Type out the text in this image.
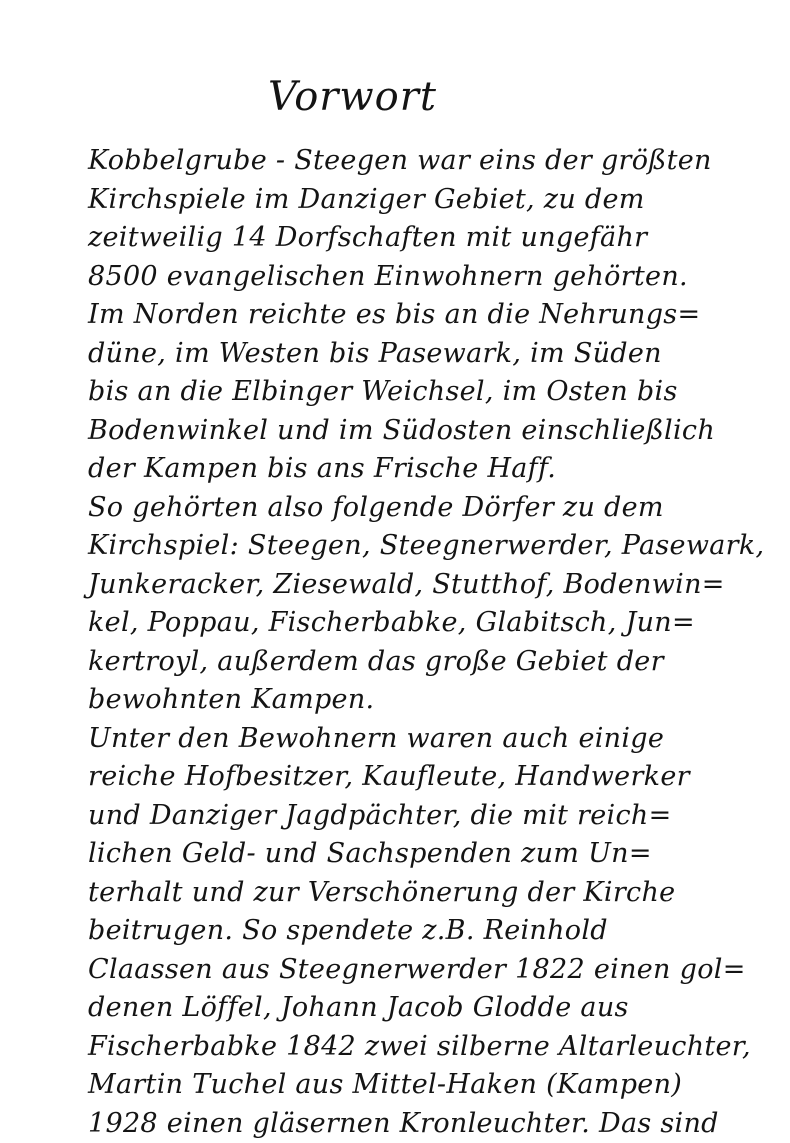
Vorwort
Kobbelgrube - Steegen war eins der größten
Kirchspiele im Danziger Gebiet, zu dem
zeitweilig 14 Dorfschaften mit ungefähr
8500 evangelischen Einwohnern gehörten.
Im Norden reichte es bis an die Nehrungs=
düne, im Westen bis Pasewark, im Süden
bis an die Elbinger Weichsel, im Osten bis
Bodenwinkel und im Südosten einschließlich
der Kampen bis ans Frische Haff.
So gehörten also folgende Dörfer zu dem
Kirchspiel: Steegen, Steegnerwerder, Pasewark,
Junkeracker, Ziesewald, Stutthof, Bodenwin=
kel, Poppau, Fischerbabke, Glabitsch, Jun=
kertroyl, außerdem das große Gebiet der
bewohnten Kampen.
Unter den Bewohnern waren auch einige
reiche Hofbesitzer, Kaufleute, Handwerker
und Danziger Jagdpächter, die mit reich=
lichen Geld- und Sachspenden zum Un=
terhalt und zur Verschönerung der Kirche
beitrugen. So spendete z.B. Reinhold
Claassen aus Steegnerwerder 1822 einen gol=
denen Löffel, Johann Jacob Glodde aus
Fischerbabke 1842 zwei silberne Altarleuchter,
Martin Tuchel aus Mittel-Haken (Kampen)
1928 einen gläsernen Kronleuchter. Das sind
